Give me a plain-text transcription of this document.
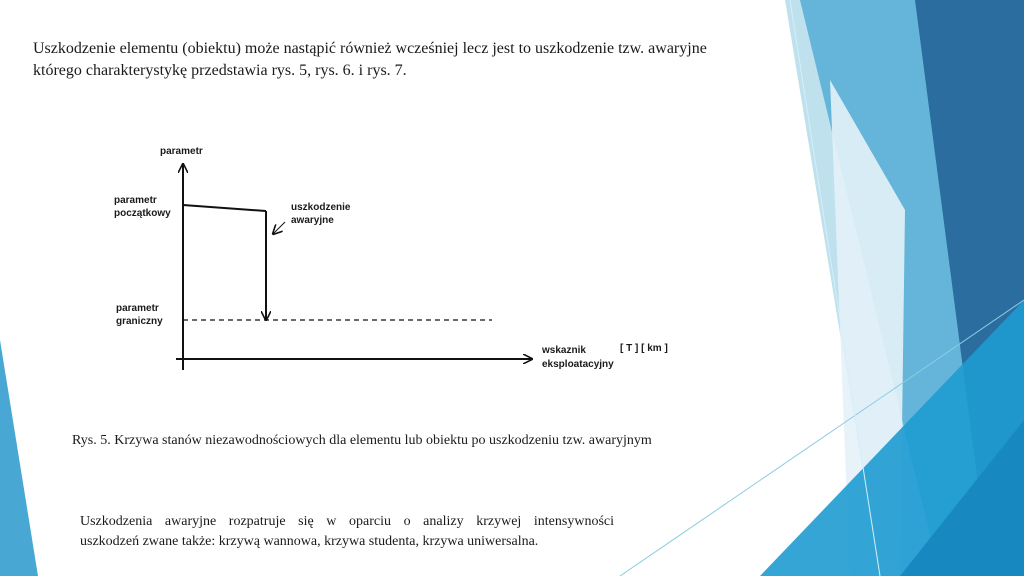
Uszkodzenie elementu (obiektu) może nastąpić również wcześniej lecz jest to uszkodzenie tzw. awaryjne
którego charakterystykę przedstawia rys. 5, rys. 6. i rys. 7.
parametr
parametr
początkowy
uszkodzenie
awaryjne
parametr
graniczny
wskaznik
eksploatacyjny
[ T ] [ km ]
Rys. 5. Krzywa stanów niezawodnościowych dla elementu lub obiektu po uszkodzeniu tzw. awaryjnym
Uszkodzenia awaryjne rozpatruje się w oparciu o analizy krzywej intensywności
uszkodzeń zwane także: krzywą wannowa, krzywa studenta, krzywa uniwersalna.
